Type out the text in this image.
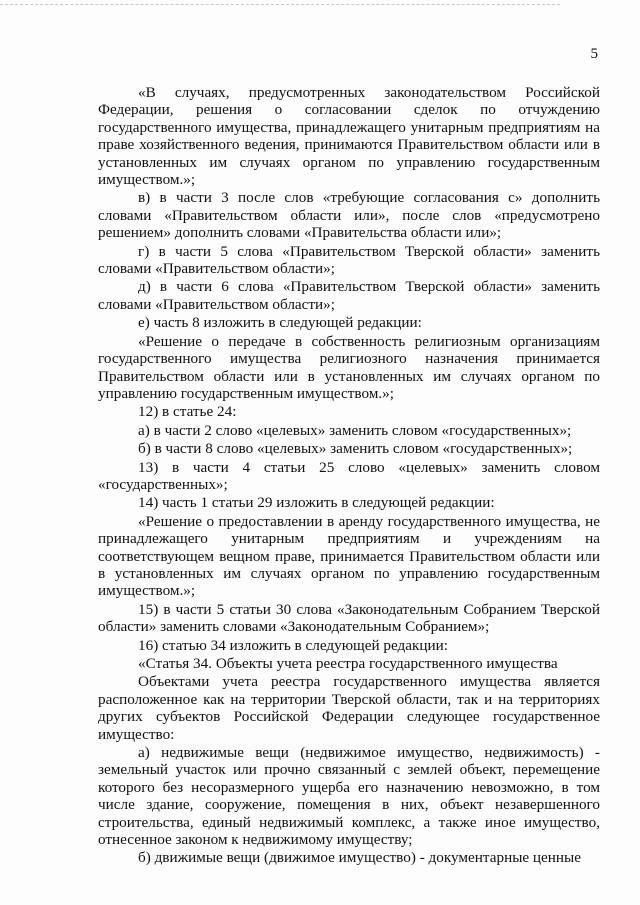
5

«В случаях, предусмотренных законодательством Российской Федерации, решения о согласовании сделок по отчуждению государственного имущества, принадлежащего унитарным предприятиям на праве хозяйственного ведения, принимаются Правительством области или в установленных им случаях органом по управлению государственным имуществом.»;

в) в части 3 после слов «требующие согласования с» дополнить словами «Правительством области или», после слов «предусмотрено решением» дополнить словами «Правительства области или»;

г) в части 5 слова «Правительством Тверской области» заменить словами «Правительством области»;

д) в части 6 слова «Правительством Тверской области» заменить словами «Правительством области»;

е) часть 8 изложить в следующей редакции:

«Решение о передаче в собственность религиозным организациям государственного имущества религиозного назначения принимается Правительством области или в установленных им случаях органом по управлению государственным имуществом.»;

12) в статье 24:

а) в части 2 слово «целевых» заменить словом «государственных»;

б) в части 8 слово «целевых» заменить словом «государственных»;

13) в части 4 статьи 25 слово «целевых» заменить словом «государственных»;

14) часть 1 статьи 29 изложить в следующей редакции:

«Решение о предоставлении в аренду государственного имущества, не принадлежащего унитарным предприятиям и учреждениям на соответствующем вещном праве, принимается Правительством области или в установленных им случаях органом по управлению государственным имуществом.»;

15) в части 5 статьи 30 слова «Законодательным Собранием Тверской области» заменить словами «Законодательным Собранием»;

16) статью 34 изложить в следующей редакции:

«Статья 34. Объекты учета реестра государственного имущества

Объектами учета реестра государственного имущества является расположенное как на территории Тверской области, так и на территориях других субъектов Российской Федерации следующее государственное имущество:

а) недвижимые вещи (недвижимое имущество, недвижимость) - земельный участок или прочно связанный с землей объект, перемещение которого без несоразмерного ущерба его назначению невозможно, в том числе здание, сооружение, помещения в них, объект незавершенного строительства, единый недвижимый комплекс, а также иное имущество, отнесенное законом к недвижимому имуществу;

б) движимые вещи (движимое имущество) - документарные ценные
